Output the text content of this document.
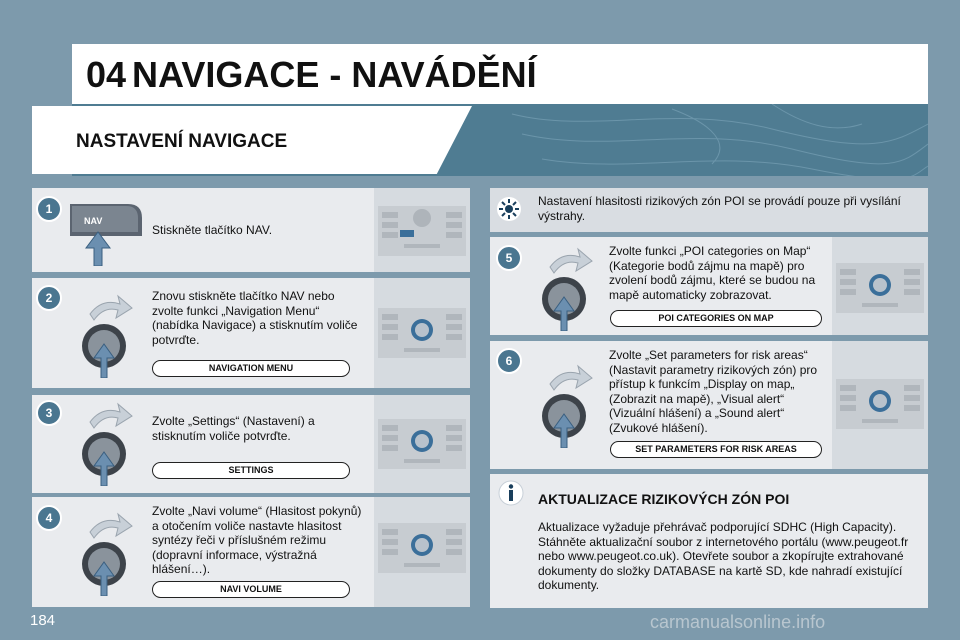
04 NAVIGACE - NAVÁDĚNÍ
NASTAVENÍ NAVIGACE
1
NAV
Stiskněte tlačítko NAV.
2	Znovu stiskněte tlačítko NAV nebo zvolte funkci „Navigation Menu“ (nabídka Navigace) a stisknutím voliče potvrďte.
NAVIGATION MENU
3
Zvolte „Settings“ (Nastavení) a stisknutím voliče potvrďte.
SETTINGS
4	Zvolte „Navi volume“ (Hlasitost pokynů) a otočením voliče nastavte hlasitost syntézy řeči v příslušném režimu (dopravní informace, výstražná hlášení…).
NAVI VOLUME
Nastavení hlasitosti rizikových zón POI se provádí pouze při vysílání výstrahy.
5	Zvolte funkci „POI categories on Map“ (Kategorie bodů zájmu na mapě) pro zvolení bodů zájmu, které se budou na mapě automaticky zobrazovat.
POI CATEGORIES ON MAP
6	Zvolte „Set parameters for risk areas“ (Nastavit parametry rizikových zón) pro přístup k funkcím „Display on map„ (Zobrazit na mapě), „Visual alert“ (Vizuální hlášení) a „Sound alert“ (Zvukové hlášení).
SET PARAMETERS FOR RISK AREAS
AKTUALIZACE RIZIKOVÝCH ZÓN POI
Aktualizace vyžaduje přehrávač podporující SDHC (High Capacity). Stáhněte aktualizační soubor z internetového portálu (www.peugeot.fr nebo www.peugeot.co.uk). Otevřete soubor a zkopírujte extrahované dokumenty do složky DATABASE na kartě SD, kde nahradí existující dokumenty.
184	carmanualsonline.info
